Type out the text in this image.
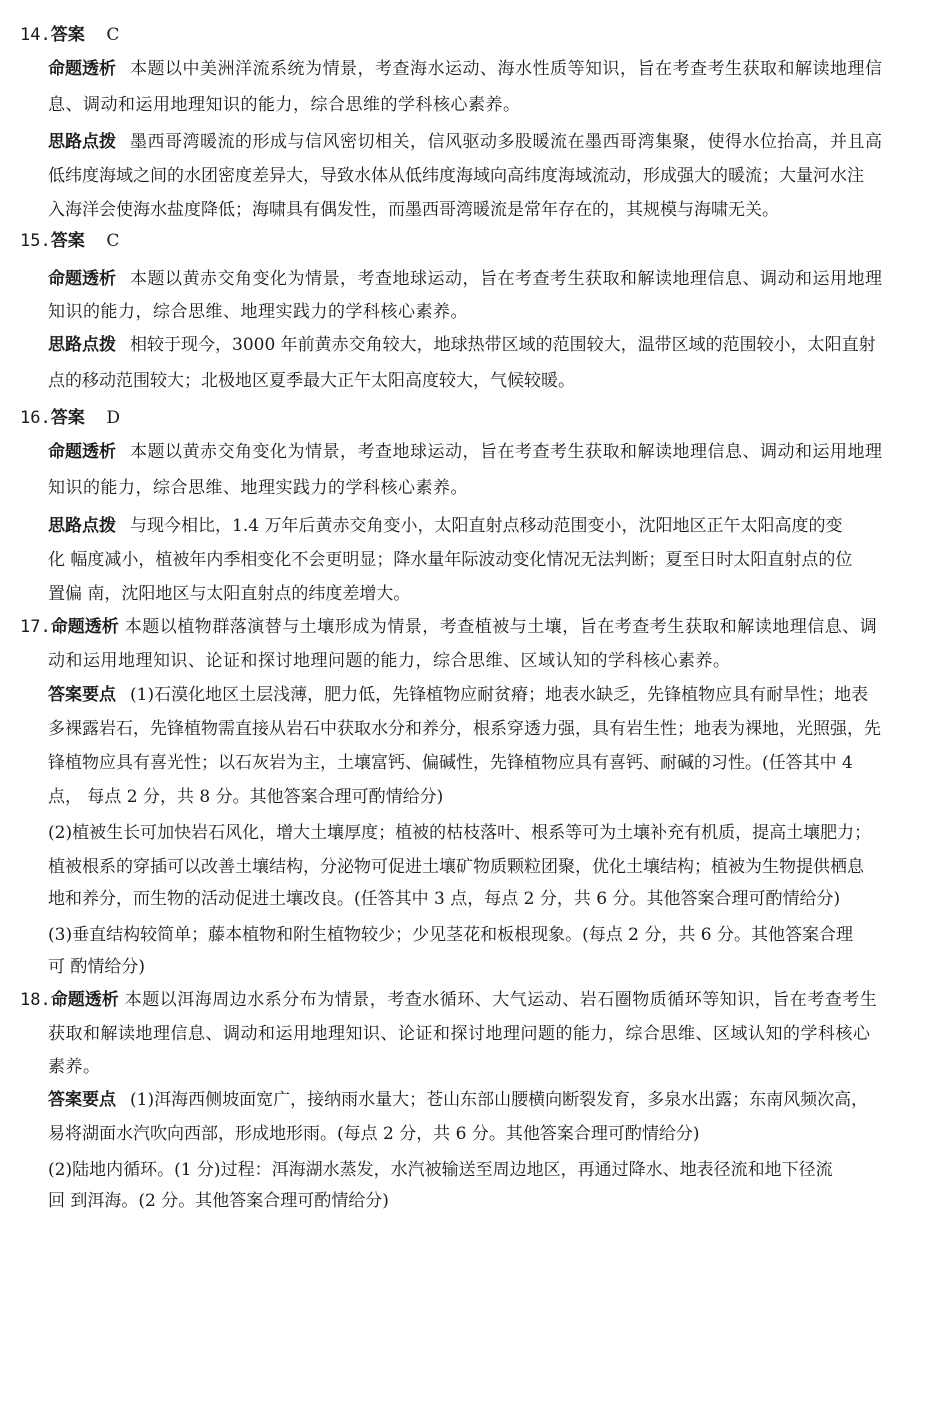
14.答案 C
命题透析 本题以中美洲洋流系统为情景，考查海水运动、海水性质等知识，旨在考查考生获取和解读地理信
息、调动和运用地理知识的能力，综合思维的学科核心素养。
思路点拨 墨西哥湾暖流的形成与信风密切相关，信风驱动多股暖流在墨西哥湾集聚，使得水位抬高，并且高
低纬度海域之间的水团密度差异大，导致水体从低纬度海域向高纬度海域流动，形成强大的暖流；大量河水注
入海洋会使海水盐度降低；海啸具有偶发性，而墨西哥湾暖流是常年存在的，其规模与海啸无关。
15.答案 C
命题透析 本题以黄赤交角变化为情景，考查地球运动，旨在考查考生获取和解读地理信息、调动和运用地理
知识的能力，综合思维、地理实践力的学科核心素养。
思路点拨 相较于现今，3000 年前黄赤交角较大，地球热带区域的范围较大，温带区域的范围较小，太阳直射
点的移动范围较大；北极地区夏季最大正午太阳高度较大，气候较暖。
16.答案 D
命题透析 本题以黄赤交角变化为情景，考查地球运动，旨在考查考生获取和解读地理信息、调动和运用地理
知识的能力，综合思维、地理实践力的学科核心素养。
思路点拨 与现今相比，1.4 万年后黄赤交角变小，太阳直射点移动范围变小，沈阳地区正午太阳高度的变
化 幅度减小，植被年内季相变化不会更明显；降水量年际波动变化情况无法判断；夏至日时太阳直射点的位
置偏 南，沈阳地区与太阳直射点的纬度差增大。
17.命题透析 本题以植物群落演替与土壤形成为情景，考查植被与土壤，旨在考查考生获取和解读地理信息、调
动和运用地理知识、论证和探讨地理问题的能力，综合思维、区域认知的学科核心素养。
答案要点 (1)石漠化地区土层浅薄，肥力低，先锋植物应耐贫瘠；地表水缺乏，先锋植物应具有耐旱性；地表
多裸露岩石，先锋植物需直接从岩石中获取水分和养分，根系穿透力强，具有岩生性；地表为裸地，光照强，先
锋植物应具有喜光性；以石灰岩为主，土壤富钙、偏碱性，先锋植物应具有喜钙、耐碱的习性。(任答其中 4
点， 每点 2 分，共 8 分。其他答案合理可酌情给分)
(2)植被生长可加快岩石风化，增大土壤厚度；植被的枯枝落叶、根系等可为土壤补充有机质，提高土壤肥力；
植被根系的穿插可以改善土壤结构，分泌物可促进土壤矿物质颗粒团聚，优化土壤结构；植被为生物提供栖息
地和养分，而生物的活动促进土壤改良。(任答其中 3 点，每点 2 分，共 6 分。其他答案合理可酌情给分)
(3)垂直结构较简单；藤本植物和附生植物较少；少见茎花和板根现象。(每点 2 分，共 6 分。其他答案合理
可 酌情给分)
18.命题透析 本题以洱海周边水系分布为情景，考查水循环、大气运动、岩石圈物质循环等知识，旨在考查考生
获取和解读地理信息、调动和运用地理知识、论证和探讨地理问题的能力，综合思维、区域认知的学科核心
素养。
答案要点 (1)洱海西侧坡面宽广，接纳雨水量大；苍山东部山腰横向断裂发育，多泉水出露；东南风频次高，
易将湖面水汽吹向西部，形成地形雨。(每点 2 分，共 6 分。其他答案合理可酌情给分)
(2)陆地内循环。(1 分)过程：洱海湖水蒸发，水汽被输送至周边地区，再通过降水、地表径流和地下径流
回 到洱海。(2 分。其他答案合理可酌情给分)
